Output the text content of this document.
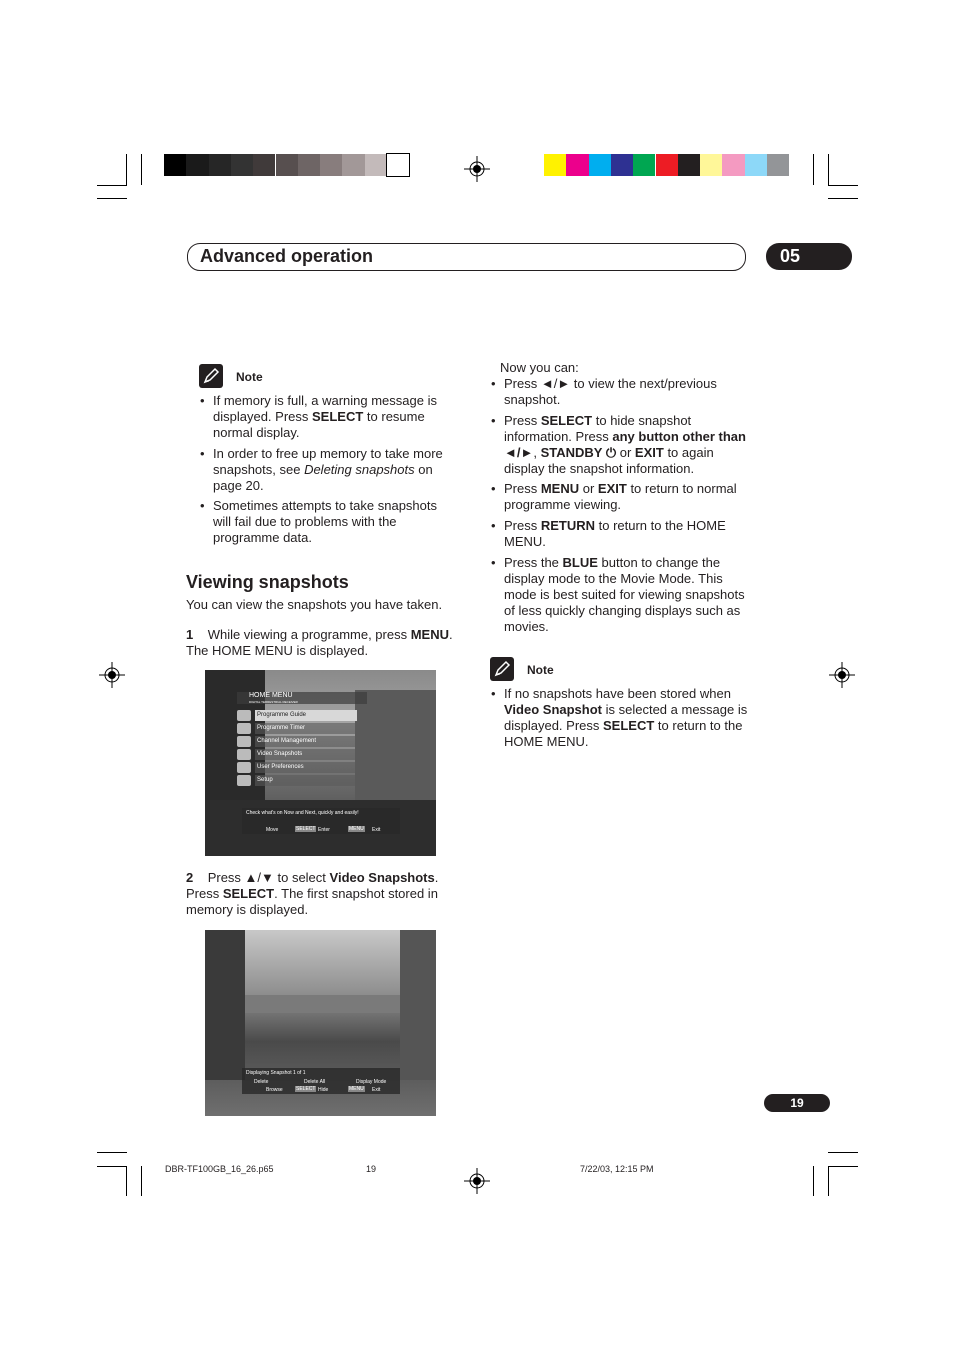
Advanced operation	05
Note
• If memory is full, a warning message is displayed. Press SELECT to resume normal display.
• In order to free up memory to take more snapshots, see Deleting snapshots on page 20.
• Sometimes attempts to take snapshots will fail due to problems with the programme data.
Viewing snapshots
You can view the snapshots you have taken.
1 While viewing a programme, press MENU. The HOME MENU is displayed.
HOME MENU
DIGITAL TERRESTRIAL RECEIVER
Programme Guide
Programme Timer
Channel Management
Video Snapshots
User Preferences
Setup
Check what's on Now and Next, quickly and easily!
Move	SELECT Enter	MENU Exit
2 Press ▲/▼ to select Video Snapshots. Press SELECT. The first snapshot stored in memory is displayed.
Displaying Snapshot 1 of 1
Delete	Delete All	Display Mode
Browse	SELECT Hide	MENU Exit
Now you can:
• Press ◄/► to view the next/previous snapshot.
• Press SELECT to hide snapshot information. Press any button other than ◄/►, STANDBY ⏻ or EXIT to again display the snapshot information.
• Press MENU or EXIT to return to normal programme viewing.
• Press RETURN to return to the HOME MENU.
• Press the BLUE button to change the display mode to the Movie Mode. This mode is best suited for viewing snapshots of less quickly changing displays such as movies.
Note
• If no snapshots have been stored when Video Snapshot is selected a message is displayed. Press SELECT to return to the HOME MENU.
19
DBR-TF100GB_16_26.p65	19	7/22/03, 12:15 PM
